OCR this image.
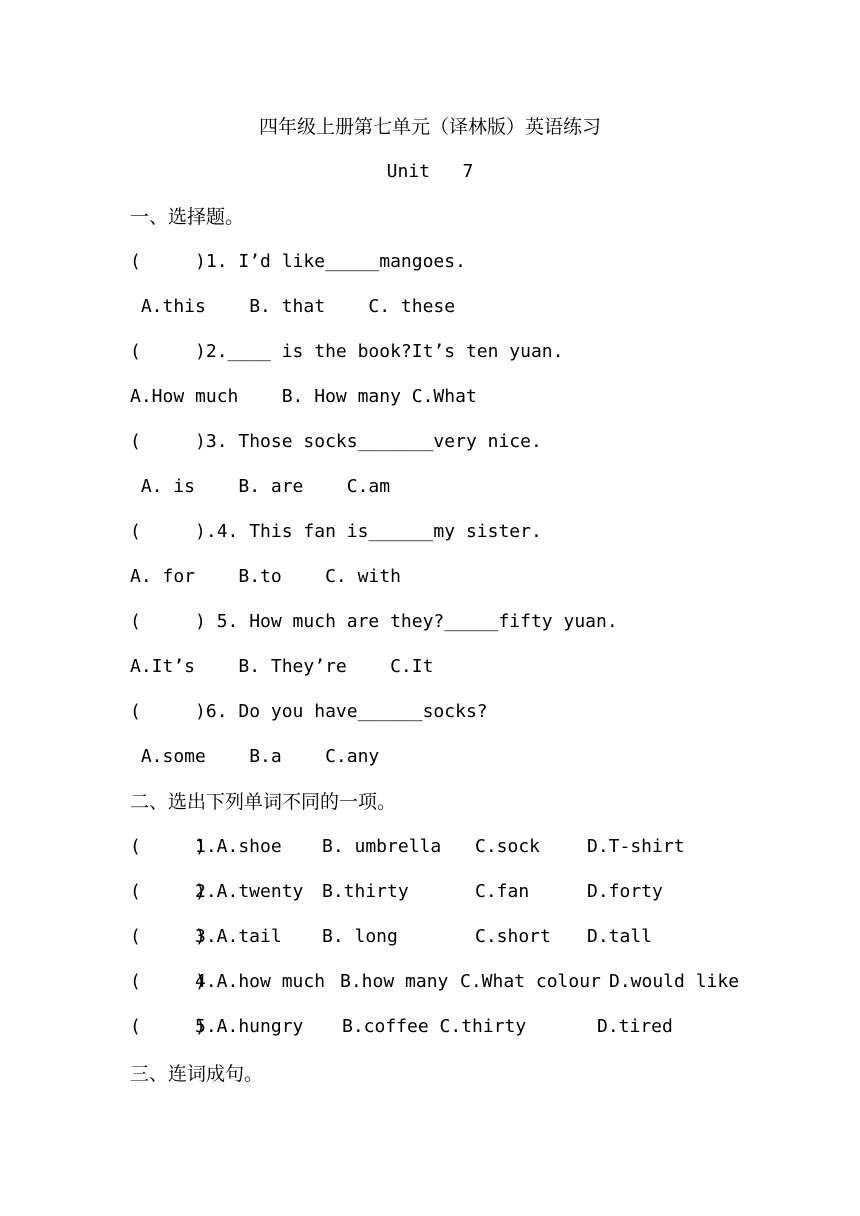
四年级上册第七单元（译林版）英语练习
Unit   7
一、选择题。
(     )1. I’d like_____mangoes.
A.this    B. that    C. these
(     )2.____ is the book?It’s ten yuan.
A.How much    B. How many C.What
(     )3. Those socks_______very nice.
A. is    B. are    C.am
(     ).4. This fan is______my sister.
A. for    B.to    C. with
(     ) 5. How much are they?_____fifty yuan.
A.It’s    B. They’re    C.It
(     )6. Do you have______socks?
A.some    B.a    C.any
二、选出下列单词不同的一项。
(     )
1.A.shoe B. umbrella C.sock	D.T-shirt
(     )
2.A.twenty B.thirty	C.fan	D.forty
(     )
3.A.tail B. long	C.short D.tall
(     )
4.A.how much B.how many C.What colour D.would like
(     )
5.A.hungry B.coffee C.thirty	D.tired
三、连词成句。
